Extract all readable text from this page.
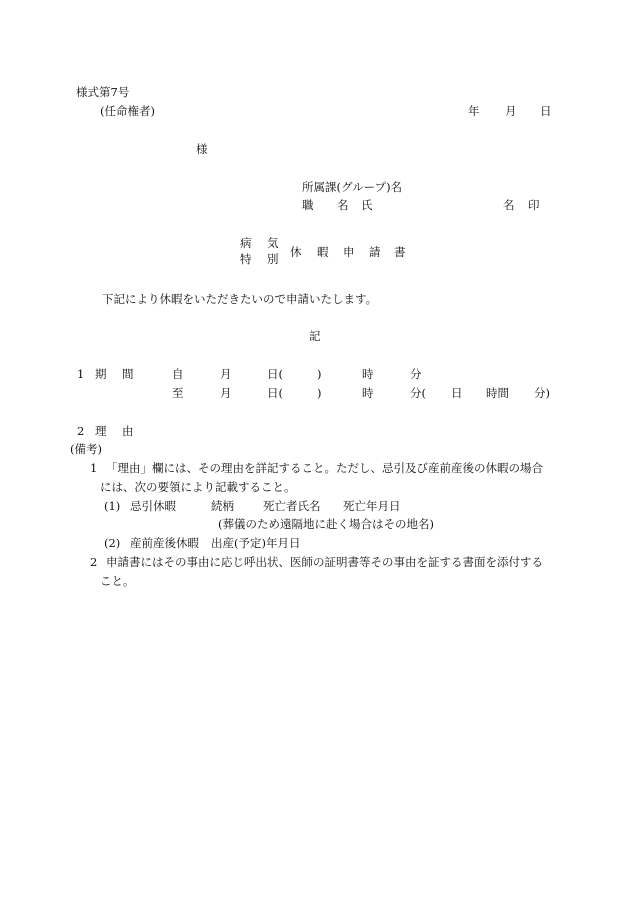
様式第7号
(任命権者)	年 月 日
様
所属課(グループ)名
職 名 氏	名 印
病 気
特 別 休 暇 申 請 書
下記により休暇をいただきたいので申請いたします。
記
1 期 間	自	月	日(	)	時	分
至	月	日(	)	時	分( 日 時間 分)
2 理 由
(備考)
1 「理由」欄には、その理由を詳記すること。ただし、忌引及び産前産後の休暇の場合
には、次の要領により記載すること。
(1) 忌引休暇	続柄	死亡者氏名 死亡年月日
(葬儀のため遠隔地に赴く場合はその地名)
(2) 産前産後休暇 出産(予定)年月日
2 申請書にはその事由に応じ呼出状、医師の証明書等その事由を証する書面を添付する
こと。
